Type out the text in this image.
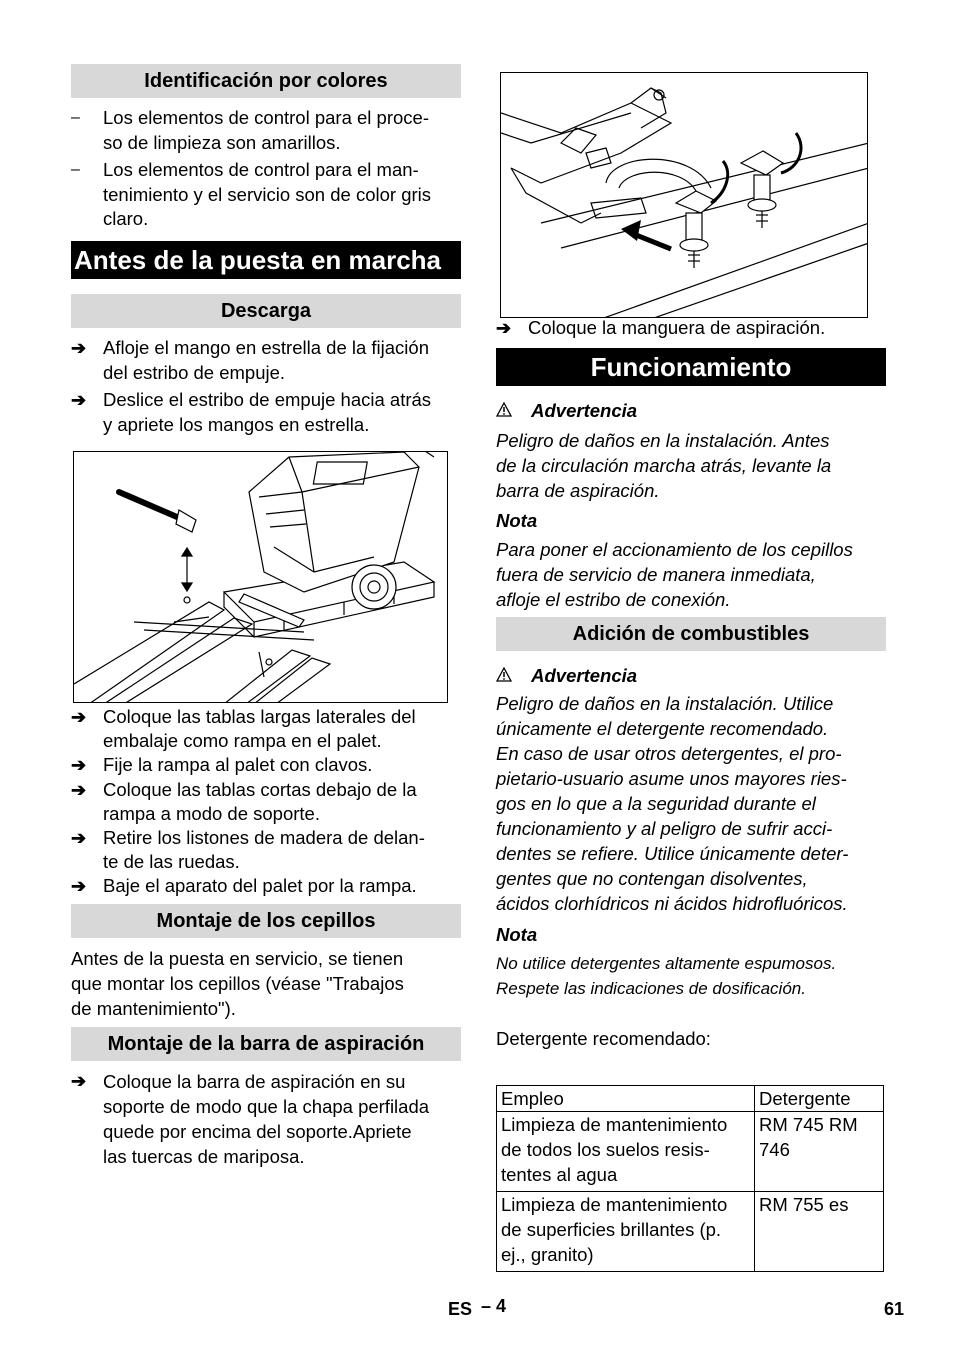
Identificación por colores
–	Los elementos de control para el proce-
so de limpieza son amarillos.
–	Los elementos de control para el man-
tenimiento y el servicio son de color gris
claro.
Antes de la puesta en marcha
Descarga
➔ Afloje el mango en estrella de la fijación
del estribo de empuje.
➔ Deslice el estribo de empuje hacia atrás
y apriete los mangos en estrella.
➔ Coloque las tablas largas laterales del
embalaje como rampa en el palet.
➔ Fije la rampa al palet con clavos.
➔ Coloque las tablas cortas debajo de la
rampa a modo de soporte.
➔ Retire los listones de madera de delan-
te de las ruedas.
➔ Baje el aparato del palet por la rampa.
Montaje de los cepillos
Antes de la puesta en servicio, se tienen
que montar los cepillos (véase "Trabajos
de mantenimiento").
Montaje de la barra de aspiración
➔ Coloque la barra de aspiración en su
soporte de modo que la chapa perfilada
quede por encima del soporte.Apriete
las tuercas de mariposa.
➔ Coloque la manguera de aspiración.
Funcionamiento
Advertencia
Peligro de daños en la instalación. Antes
de la circulación marcha atrás, levante la
barra de aspiración.
Nota
Para poner el accionamiento de los cepillos
fuera de servicio de manera inmediata,
afloje el estribo de conexión.
Adición de combustibles
Advertencia
Peligro de daños en la instalación. Utilice
únicamente el detergente recomendado.
En caso de usar otros detergentes, el pro-
pietario-usuario asume unos mayores ries-
gos en lo que a la seguridad durante el
funcionamiento y al peligro de sufrir acci-
dentes se refiere. Utilice únicamente deter-
gentes que no contengan disolventes,
ácidos clorhídricos ni ácidos hidrofluóricos.
Nota
No utilice detergentes altamente espumosos.
Respete las indicaciones de dosificación.
Detergente recomendado:
Empleo	Detergente
Limpieza de mantenimiento
de todos los suelos resis-
tentes al agua	RM 745 RM
746
Limpieza de mantenimiento
de superficies brillantes (p.
ej., granito)	RM 755 es
ES – 4	61
